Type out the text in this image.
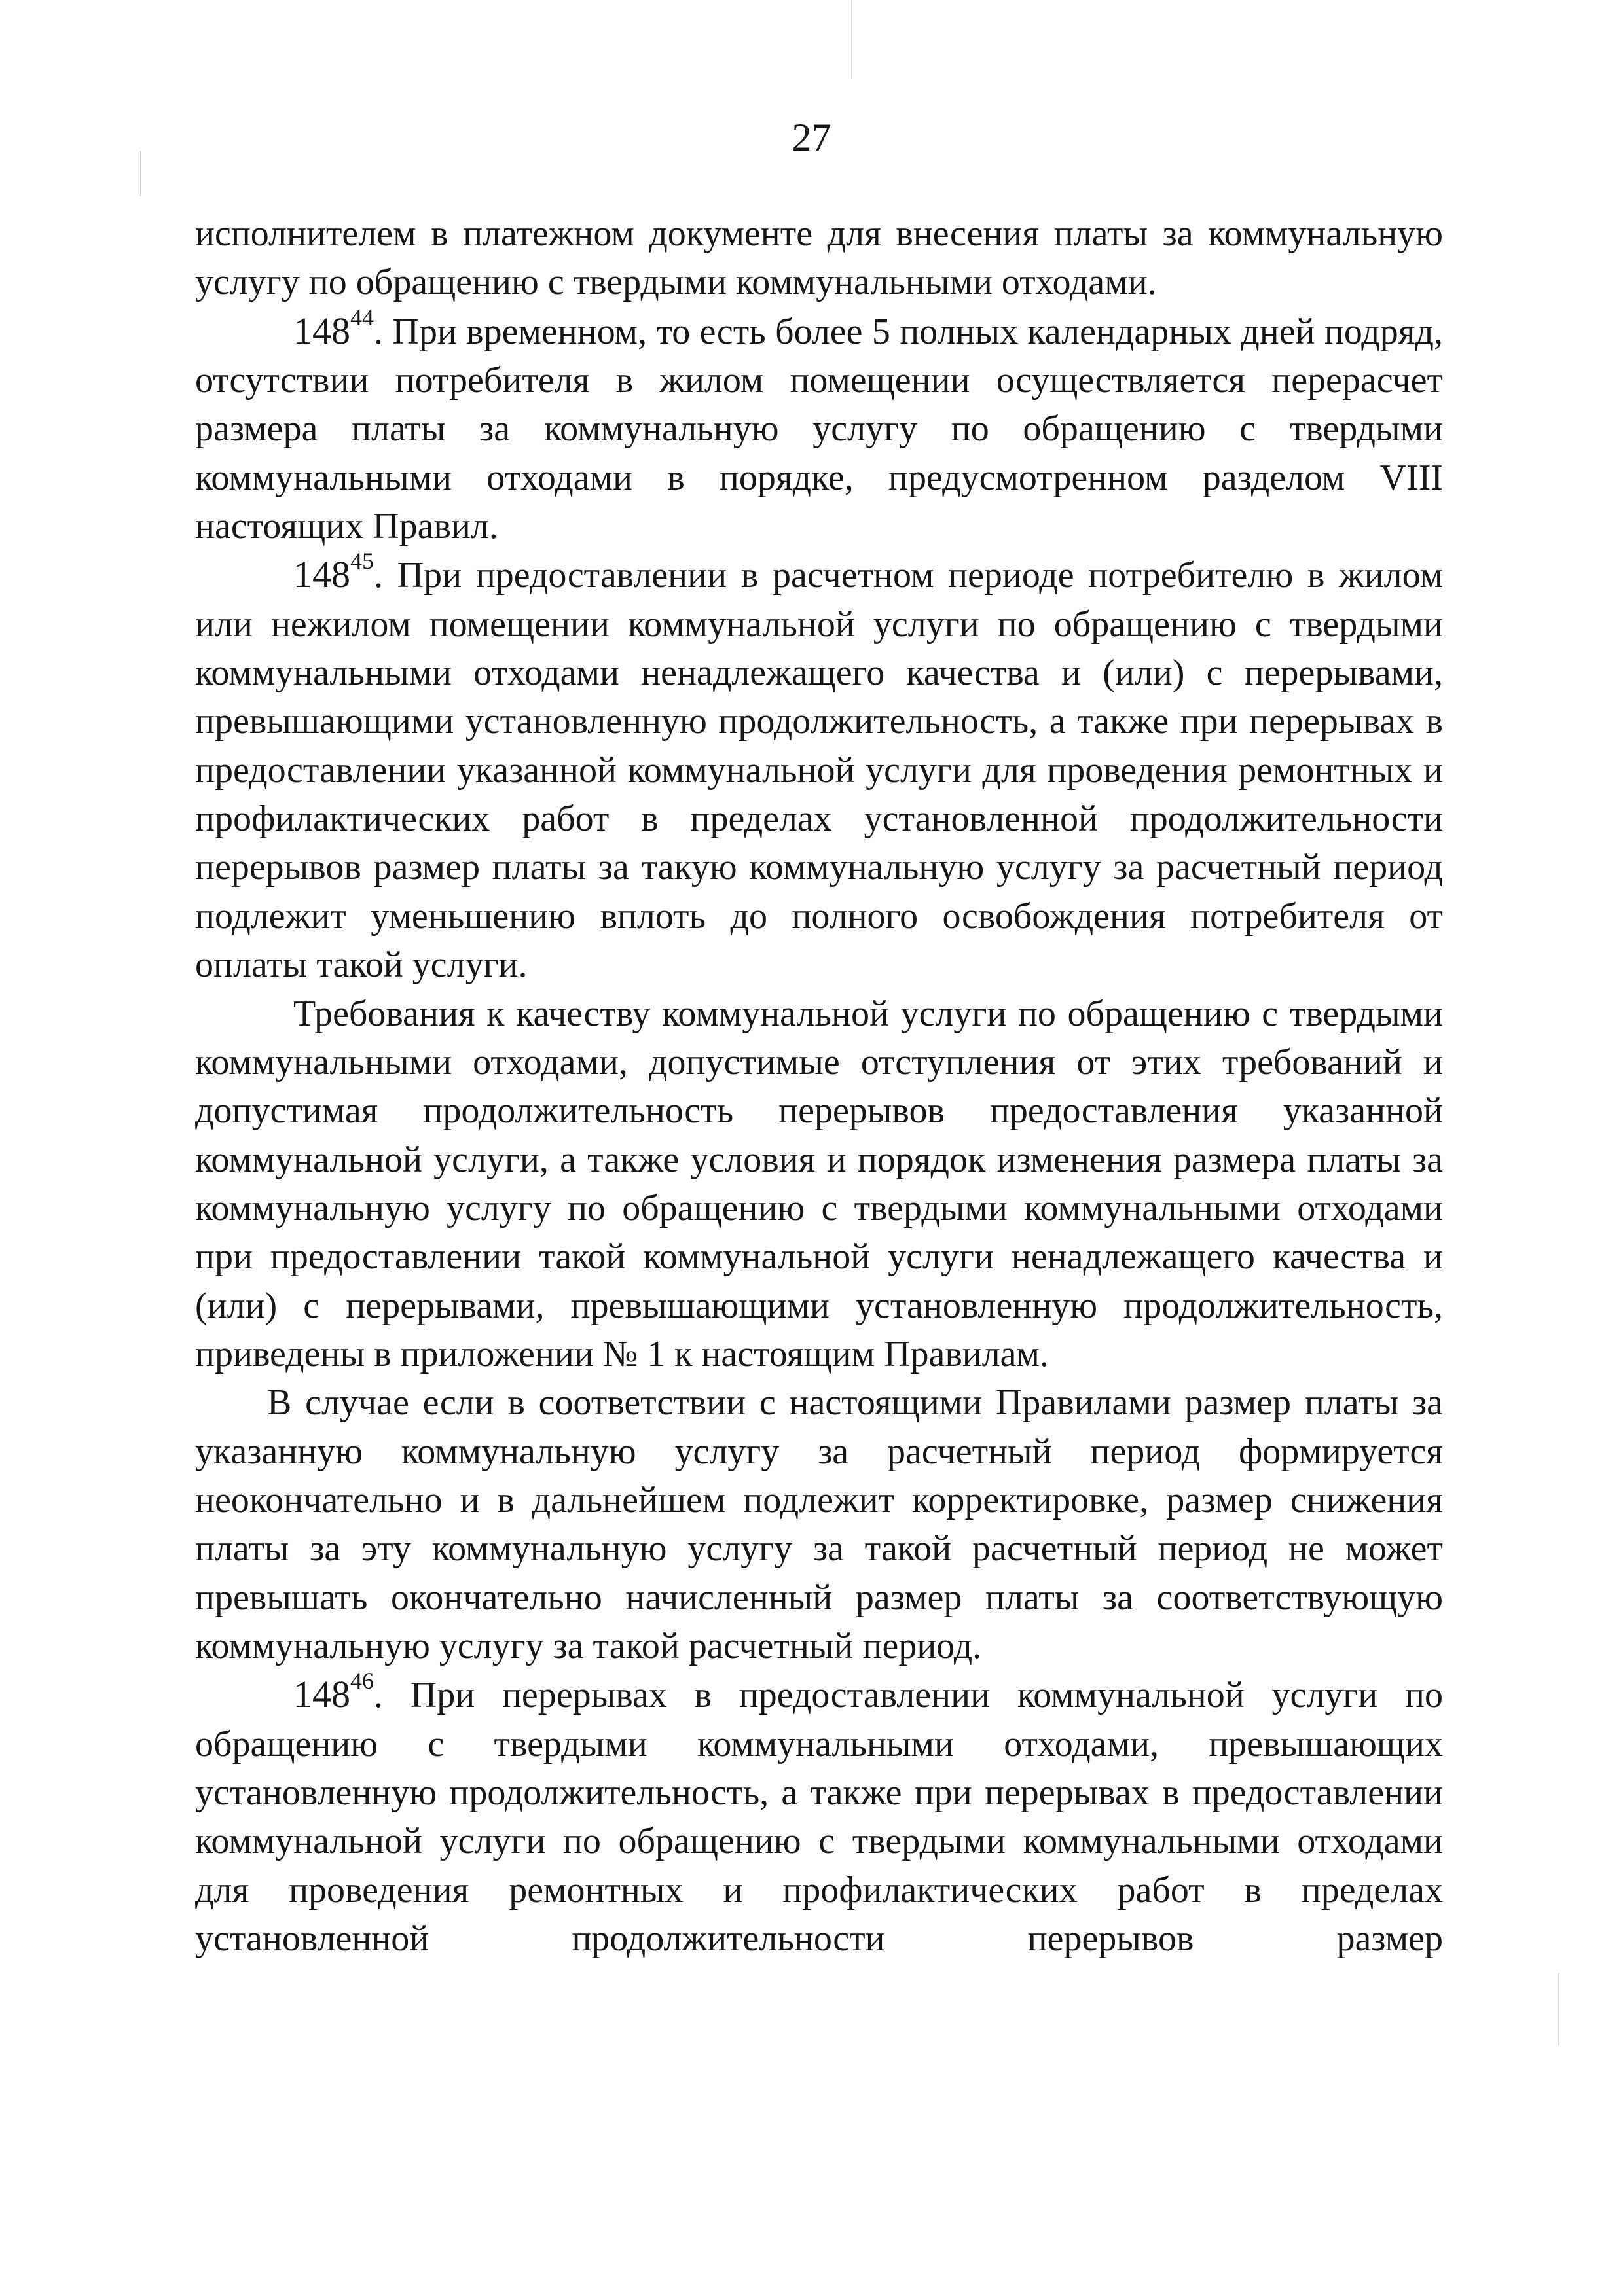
27

исполнителем в платежном документе для внесения платы за коммунальную услугу по обращению с твердыми коммунальными отходами.

$148^{44}$. При временном, то есть более 5 полных календарных дней подряд, отсутствии потребителя в жилом помещении осуществляется перерасчет размера платы за коммунальную услугу по обращению с твердыми коммунальными отходами в порядке, предусмотренном разделом VIII настоящих Правил.

$148^{45}$. При предоставлении в расчетном периоде потребителю в жилом или нежилом помещении коммунальной услуги по обращению с твердыми коммунальными отходами ненадлежащего качества и (или) с перерывами, превышающими установленную продолжительность, а также при перерывах в предоставлении указанной коммунальной услуги для проведения ремонтных и профилактических работ в пределах установленной продолжительности перерывов размер платы за такую коммунальную услугу за расчетный период подлежит уменьшению вплоть до полного освобождения потребителя от оплаты такой услуги.

Требования к качеству коммунальной услуги по обращению с твердыми коммунальными отходами, допустимые отступления от этих требований и допустимая продолжительность перерывов предоставления указанной коммунальной услуги, а также условия и порядок изменения размера платы за коммунальную услугу по обращению с твердыми коммунальными отходами при предоставлении такой коммунальной услуги ненадлежащего качества и (или) с перерывами, превышающими установленную продолжительность, приведены в приложении № 1 к настоящим Правилам.

В случае если в соответствии с настоящими Правилами размер платы за указанную коммунальную услугу за расчетный период формируется неокончательно и в дальнейшем подлежит корректировке, размер снижения платы за эту коммунальную услугу за такой расчетный период не может превышать окончательно начисленный размер платы за соответствующую коммунальную услугу за такой расчетный период.

$148^{46}$. При перерывах в предоставлении коммунальной услуги по обращению с твердыми коммунальными отходами, превышающих установленную продолжительность, а также при перерывах в предоставлении коммунальной услуги по обращению с твердыми коммунальными отходами для проведения ремонтных и профилактических работ в пределах установленной продолжительности перерывов размер
